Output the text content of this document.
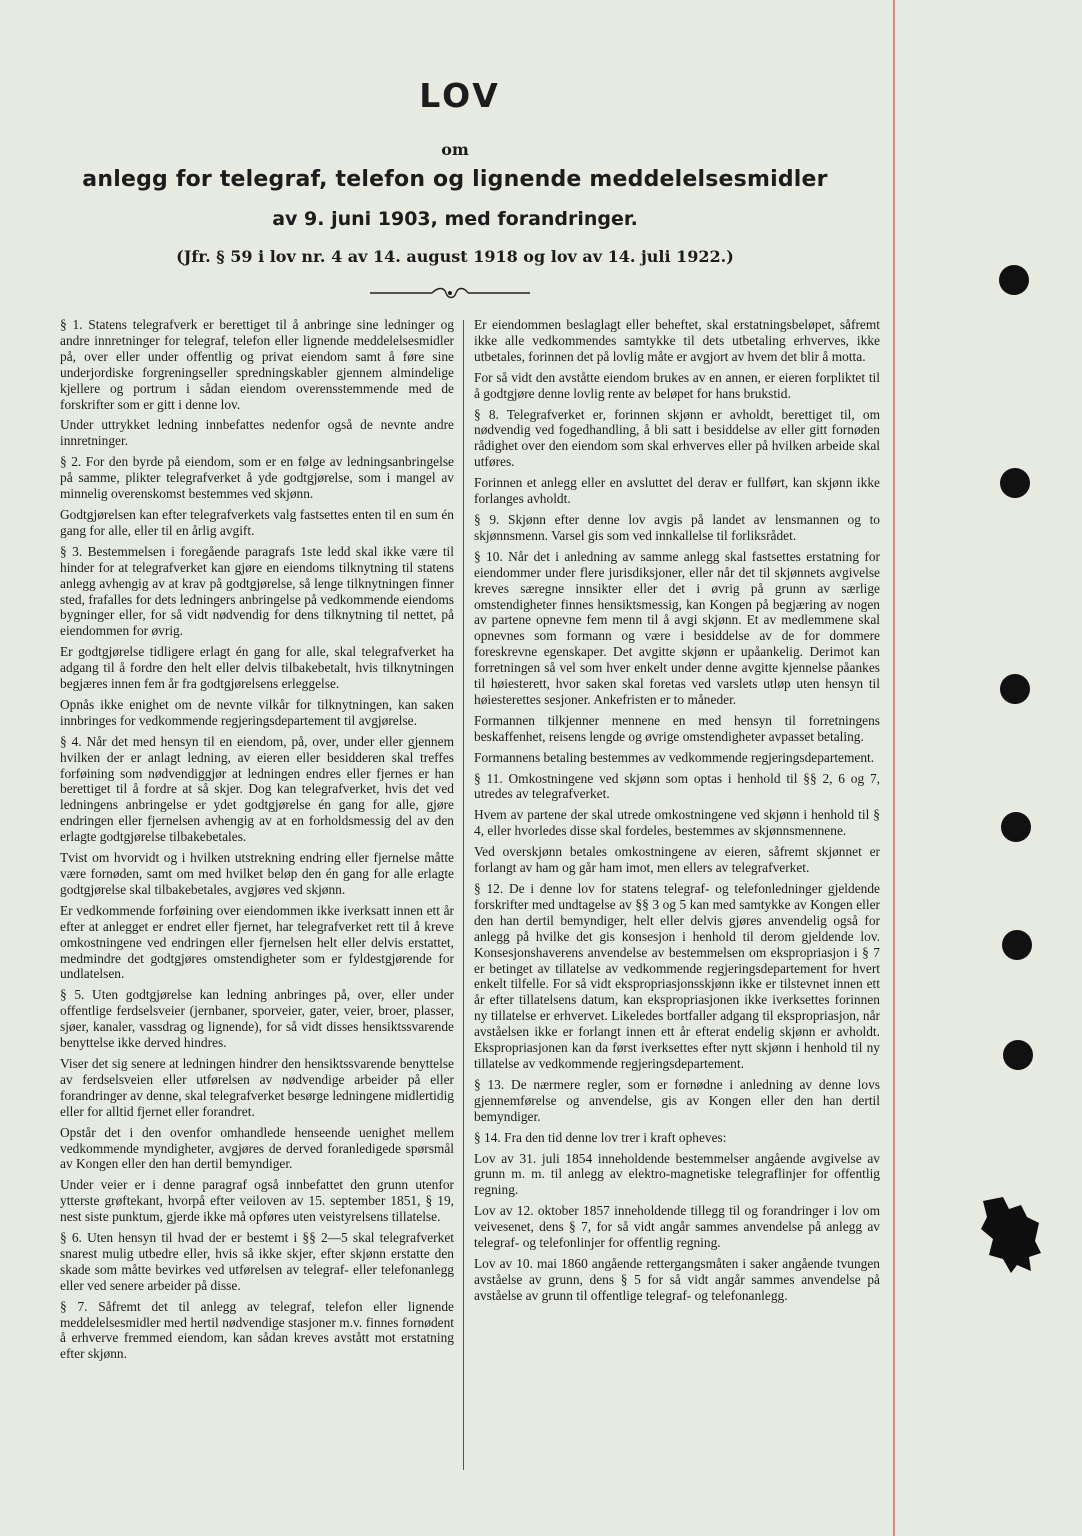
LOV
om
anlegg for telegraf, telefon og lignende meddelelsesmidler
av 9. juni 1903, med forandringer.
(Jfr. § 59 i lov nr. 4 av 14. august 1918 og lov av 14. juli 1922.)

§ 1. Statens telegrafverk er berettiget til å anbringe sine ledninger og andre innretninger for telegraf, telefon eller lignende meddelelsesmidler på, over eller under offentlig og privat eiendom samt å føre sine underjordiske forgreningseller spredningskabler gjennem almindelige kjellere og portrum i sådan eiendom overensstemmende med de forskrifter som er gitt i denne lov.

Under uttrykket ledning innbefattes nedenfor også de nevnte andre innretninger.

§ 2. For den byrde på eiendom, som er en følge av ledningsanbringelse på samme, plikter telegrafverket å yde godtgjørelse, som i mangel av minnelig overenskomst bestemmes ved skjønn.

Godtgjørelsen kan efter telegrafverkets valg fastsettes enten til en sum én gang for alle, eller til en årlig avgift.

§ 3. Bestemmelsen i foregående paragrafs 1ste ledd skal ikke være til hinder for at telegrafverket kan gjøre en eiendoms tilknytning til statens anlegg avhengig av at krav på godtgjørelse, så lenge tilknytningen finner sted, frafalles for dets ledningers anbringelse på vedkommende eiendoms bygninger eller, for så vidt nødvendig for dens tilknytning til nettet, på eiendommen for øvrig.

Er godtgjørelse tidligere erlagt én gang for alle, skal telegrafverket ha adgang til å fordre den helt eller delvis tilbakebetalt, hvis tilknytningen begjæres innen fem år fra godtgjørelsens erleggelse.

Opnås ikke enighet om de nevnte vilkår for tilknytningen, kan saken innbringes for vedkommende regjeringsdepartement til avgjørelse.

§ 4. Når det med hensyn til en eiendom, på, over, under eller gjennem hvilken der er anlagt ledning, av eieren eller besidderen skal treffes forføining som nødvendiggjør at ledningen endres eller fjernes er han berettiget til å fordre at så skjer. Dog kan telegrafverket, hvis det ved ledningens anbringelse er ydet godtgjørelse én gang for alle, gjøre endringen eller fjernelsen avhengig av at en forholdsmessig del av den erlagte godtgjørelse tilbakebetales.

Tvist om hvorvidt og i hvilken utstrekning endring eller fjernelse måtte være fornøden, samt om med hvilket beløp den én gang for alle erlagte godtgjørelse skal tilbakebetales, avgjøres ved skjønn.

Er vedkommende forføining over eiendommen ikke iverksatt innen ett år efter at anlegget er endret eller fjernet, har telegrafverket rett til å kreve omkostningene ved endringen eller fjernelsen helt eller delvis erstattet, medmindre det godtgjøres omstendigheter som er fyldestgjørende for undlatelsen.

§ 5. Uten godtgjørelse kan ledning anbringes på, over, eller under offentlige ferdselsveier (jernbaner, sporveier, gater, veier, broer, plasser, sjøer, kanaler, vassdrag og lignende), for så vidt disses hensiktssvarende benyttelse ikke derved hindres.

Viser det sig senere at ledningen hindrer den hensiktssvarende benyttelse av ferdselsveien eller utførelsen av nødvendige arbeider på eller forandringer av denne, skal telegrafverket besørge ledningene midlertidig eller for alltid fjernet eller forandret.

Opstår det i den ovenfor omhandlede henseende uenighet mellem vedkommende myndigheter, avgjøres de derved foranledigede spørsmål av Kongen eller den han dertil bemyndiger.

Under veier er i denne paragraf også innbefattet den grunn utenfor ytterste grøftekant, hvorpå efter veiloven av 15. september 1851, § 19, nest siste punktum, gjerde ikke må opføres uten veistyrelsens tillatelse.

§ 6. Uten hensyn til hvad der er bestemt i §§ 2—5 skal telegrafverket snarest mulig utbedre eller, hvis så ikke skjer, efter skjønn erstatte den skade som måtte bevirkes ved utførelsen av telegraf- eller telefonanlegg eller ved senere arbeider på disse.

§ 7. Såfremt det til anlegg av telegraf, telefon eller lignende meddelelsesmidler med hertil nødvendige stasjoner m.v. finnes fornødent å erhverve fremmed eiendom, kan sådan kreves avstått mot erstatning efter skjønn.

Er eiendommen beslaglagt eller beheftet, skal erstatningsbeløpet, såfremt ikke alle vedkommendes samtykke til dets utbetaling erhverves, ikke utbetales, forinnen det på lovlig måte er avgjort av hvem det blir å motta.

For så vidt den avståtte eiendom brukes av en annen, er eieren forpliktet til å godtgjøre denne lovlig rente av beløpet for hans brukstid.

§ 8. Telegrafverket er, forinnen skjønn er avholdt, berettiget til, om nødvendig ved fogedhandling, å bli satt i besiddelse av eller gitt fornøden rådighet over den eiendom som skal erhverves eller på hvilken arbeide skal utføres.

Forinnen et anlegg eller en avsluttet del derav er fullført, kan skjønn ikke forlanges avholdt.

§ 9. Skjønn efter denne lov avgis på landet av lensmannen og to skjønnsmenn. Varsel gis som ved innkallelse til forliksrådet.

§ 10. Når det i anledning av samme anlegg skal fastsettes erstatning for eiendommer under flere jurisdiksjoner, eller når det til skjønnets avgivelse kreves særegne innsikter eller det i øvrig på grunn av særlige omstendigheter finnes hensiktsmessig, kan Kongen på begjæring av nogen av partene opnevne fem menn til å avgi skjønn. Et av medlemmene skal opnevnes som formann og være i besiddelse av de for dommere foreskrevne egenskaper. Det avgitte skjønn er upåankelig. Derimot kan forretningen så vel som hver enkelt under denne avgitte kjennelse påankes til høiesterett, hvor saken skal foretas ved varslets utløp uten hensyn til høiesterettes sesjoner. Ankefristen er to måneder.

Formannen tilkjenner mennene en med hensyn til forretningens beskaffenhet, reisens lengde og øvrige omstendigheter avpasset betaling.

Formannens betaling bestemmes av vedkommende regjeringsdepartement.

§ 11. Omkostningene ved skjønn som optas i henhold til §§ 2, 6 og 7, utredes av telegrafverket.

Hvem av partene der skal utrede omkostningene ved skjønn i henhold til § 4, eller hvorledes disse skal fordeles, bestemmes av skjønnsmennene.

Ved overskjønn betales omkostningene av eieren, såfremt skjønnet er forlangt av ham og går ham imot, men ellers av telegrafverket.

§ 12. De i denne lov for statens telegraf- og telefonledninger gjeldende forskrifter med undtagelse av §§ 3 og 5 kan med samtykke av Kongen eller den han dertil bemyndiger, helt eller delvis gjøres anvendelig også for anlegg på hvilke det gis konsesjon i henhold til derom gjeldende lov. Konsesjonshaverens anvendelse av bestemmelsen om ekspropriasjon i § 7 er betinget av tillatelse av vedkommende regjeringsdepartement for hvert enkelt tilfelle. For så vidt ekspropriasjonsskjønn ikke er tilstevnet innen ett år efter tillatelsens datum, kan ekspropriasjonen ikke iverksettes forinnen ny tillatelse er erhvervet. Likeledes bortfaller adgang til ekspropriasjon, når avståelsen ikke er forlangt innen ett år efterat endelig skjønn er avholdt. Ekspropriasjonen kan da først iverksettes efter nytt skjønn i henhold til ny tillatelse av vedkommende regjeringsdepartement.

§ 13. De nærmere regler, som er fornødne i anledning av denne lovs gjennemførelse og anvendelse, gis av Kongen eller den han dertil bemyndiger.

§ 14. Fra den tid denne lov trer i kraft opheves:

Lov av 31. juli 1854 inneholdende bestemmelser angående avgivelse av grunn m. m. til anlegg av elektro-magnetiske telegraflinjer for offentlig regning.

Lov av 12. oktober 1857 inneholdende tillegg til og forandringer i lov om veivesenet, dens § 7, for så vidt angår sammes anvendelse på anlegg av telegraf- og telefonlinjer for offentlig regning.

Lov av 10. mai 1860 angående rettergangsmåten i saker angående tvungen avståelse av grunn, dens § 5 for så vidt angår sammes anvendelse på avståelse av grunn til offentlige telegraf- og telefonanlegg.
